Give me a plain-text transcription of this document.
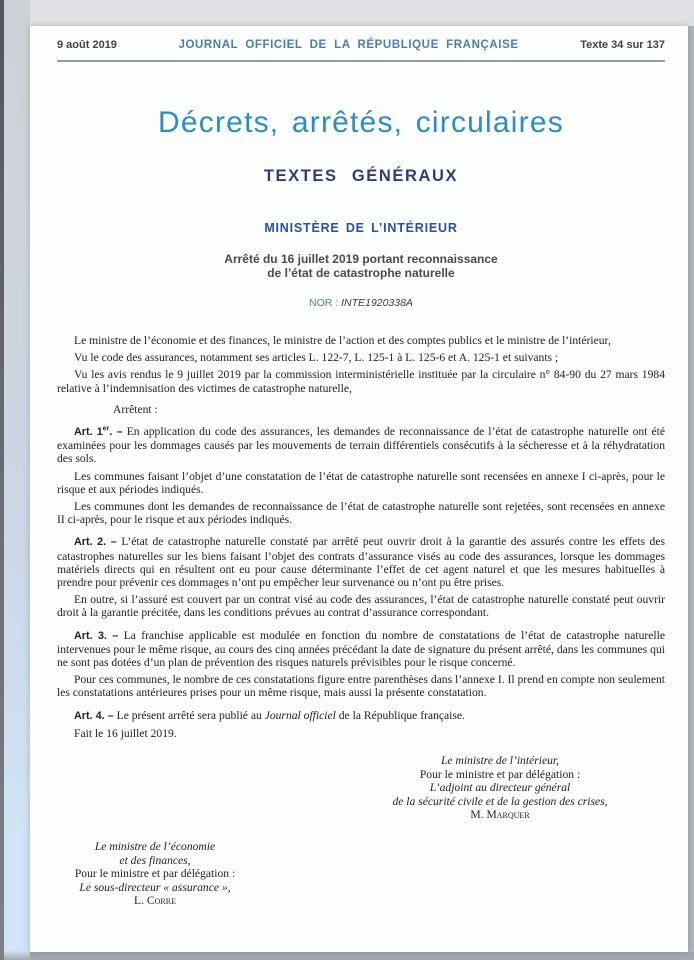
9 août 2019	JOURNAL OFFICIEL DE LA RÉPUBLIQUE FRANÇAISE	Texte 34 sur 137
Décrets, arrêtés, circulaires
TEXTES GÉNÉRAUX
MINISTÈRE DE L’INTÉRIEUR
Arrêté du 16 juillet 2019 portant reconnaissance
de l’état de catastrophe naturelle
NOR : INTE1920338A

Le ministre de l’économie et des finances, le ministre de l’action et des comptes publics et le ministre de l’intérieur,

Vu le code des assurances, notamment ses articles L. 122-7, L. 125-1 à L. 125-6 et A. 125-1 et suivants ;

Vu les avis rendus le 9 juillet 2019 par la commission interministérielle instituée par la circulaire n° 84-90 du 27 mars 1984 relative à l’indemnisation des victimes de catastrophe naturelle,

Arrêtent :

Art. 1er. – En application du code des assurances, les demandes de reconnaissance de l’état de catastrophe naturelle ont été examinées pour les dommages causés par les mouvements de terrain différentiels consécutifs à la sécheresse et à la réhydratation des sols.

Les communes faisant l’objet d’une constatation de l’état de catastrophe naturelle sont recensées en annexe I ci-après, pour le risque et aux périodes indiqués.

Les communes dont les demandes de reconnaissance de l’état de catastrophe naturelle sont rejetées, sont recensées en annexe II ci-après, pour le risque et aux périodes indiqués.

Art. 2. – L’état de catastrophe naturelle constaté par arrêté peut ouvrir droit à la garantie des assurés contre les effets des catastrophes naturelles sur les biens faisant l’objet des contrats d’assurance visés au code des assurances, lorsque les dommages matériels directs qui en résultent ont eu pour cause déterminante l’effet de cet agent naturel et que les mesures habituelles à prendre pour prévenir ces dommages n’ont pu empêcher leur survenance ou n’ont pu être prises.

En outre, si l’assuré est couvert par un contrat visé au code des assurances, l’état de catastrophe naturelle constaté peut ouvrir droit à la garantie précitée, dans les conditions prévues au contrat d’assurance correspondant.

Art. 3. – La franchise applicable est modulée en fonction du nombre de constatations de l’état de catastrophe naturelle intervenues pour le même risque, au cours des cinq années précédant la date de signature du présent arrêté, dans les communes qui ne sont pas dotées d’un plan de prévention des risques naturels prévisibles pour le risque concerné.

Pour ces communes, le nombre de ces constatations figure entre parenthèses dans l’annexe I. Il prend en compte non seulement les constatations antérieures prises pour un même risque, mais aussi la présente constatation.

Art. 4. – Le présent arrêté sera publié au Journal officiel de la République française.

Fait le 16 juillet 2019.

Le ministre de l’intérieur,
Pour le ministre et par délégation :
L’adjoint au directeur général
de la sécurité civile et de la gestion des crises,
M. Marquer
Le ministre de l’économie
et des finances,
Pour le ministre et par délégation :
Le sous-directeur « assurance »,
L. Corre
